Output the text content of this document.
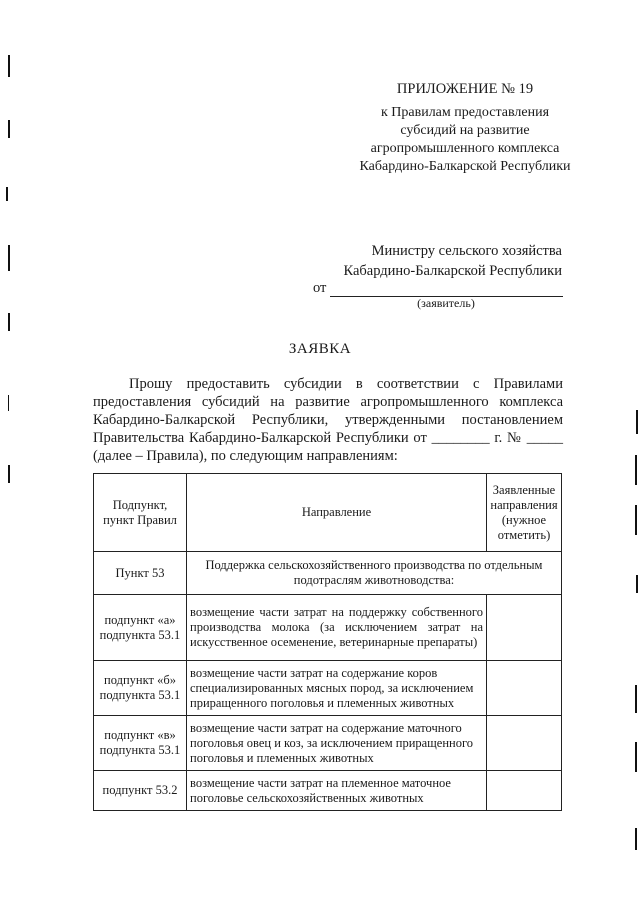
ПРИЛОЖЕНИЕ № 19
к Правилам предоставления
субсидий на развитие
агропромышленного комплекса
Кабардино-Балкарской Республики
Министру сельского хозяйства
Кабардино-Балкарской Республики
от
(заявитель)
ЗАЯВКА
Прошу предоставить субсидии в соответствии с Правилами предоставления субсидий на развитие агропромышленного комплекса Кабардино-Балкарской Республики, утвержденными постановлением Правительства Кабардино-Балкарской Республики от ________ г. № _____ (далее – Правила), по следующим направлениям:
Подпункт, пункт Правил	Направление	Заявленные направления (нужное отметить)
Пункт 53	Поддержка сельскохозяйственного производства по отдельным подотраслям животноводства:	
подпункт «а» подпункта 53.1	возмещение части затрат на поддержку собственного производства молока (за исключением затрат на искусственное осеменение, ветеринарные препараты)	
подпункт «б» подпункта 53.1	возмещение части затрат на содержание коров специализированных мясных пород, за исключением приращенного поголовья и племенных животных	
подпункт «в» подпункта 53.1	возмещение части затрат на содержание маточного поголовья овец и коз, за исключением приращенного поголовья и племенных животных	
подпункт 53.2	возмещение части затрат на племенное маточное поголовье сельскохозяйственных животных	
